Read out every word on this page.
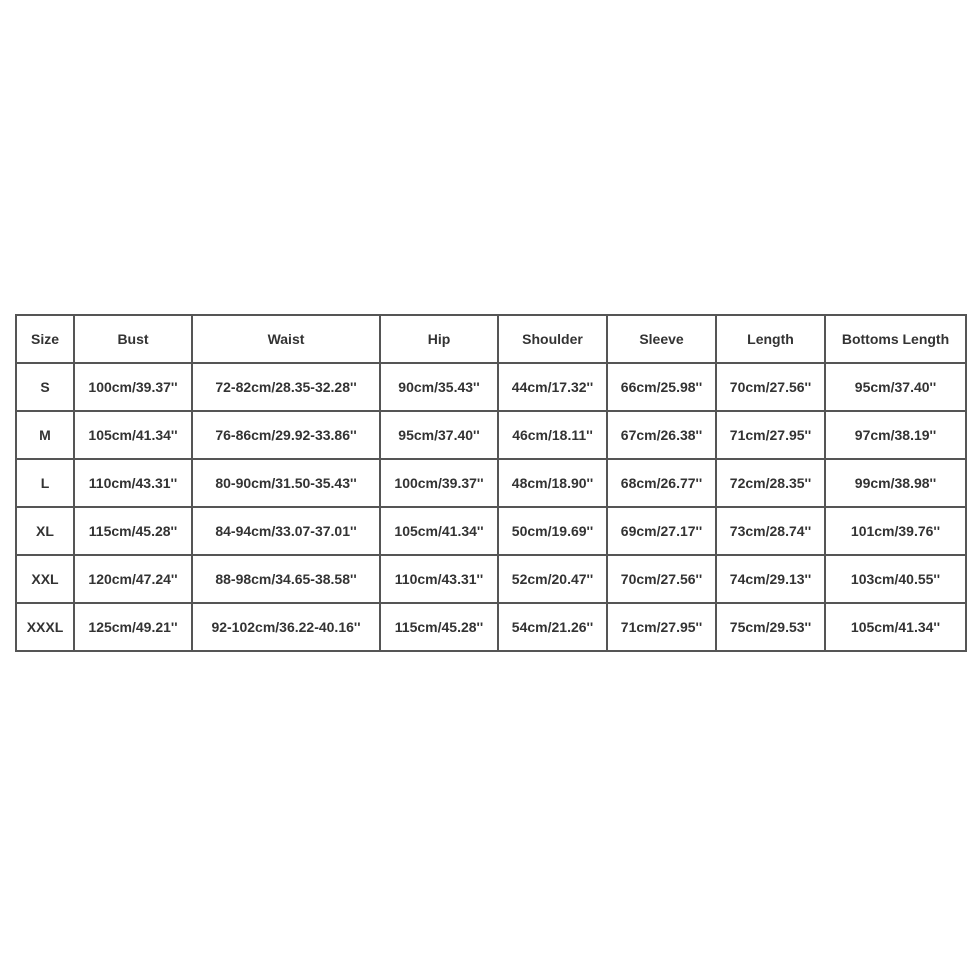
Size	Bust	Waist	Hip	Shoulder	Sleeve	Length	Bottoms Length
S	100cm/39.37''	72-82cm/28.35-32.28''	90cm/35.43''	44cm/17.32''	66cm/25.98''	70cm/27.56''	95cm/37.40''
M	105cm/41.34''	76-86cm/29.92-33.86''	95cm/37.40''	46cm/18.11''	67cm/26.38''	71cm/27.95''	97cm/38.19''
L	110cm/43.31''	80-90cm/31.50-35.43''	100cm/39.37''	48cm/18.90''	68cm/26.77''	72cm/28.35''	99cm/38.98''
XL	115cm/45.28''	84-94cm/33.07-37.01''	105cm/41.34''	50cm/19.69''	69cm/27.17''	73cm/28.74''	101cm/39.76''
XXL	120cm/47.24''	88-98cm/34.65-38.58''	110cm/43.31''	52cm/20.47''	70cm/27.56''	74cm/29.13''	103cm/40.55''
XXXL	125cm/49.21''	92-102cm/36.22-40.16''	115cm/45.28''	54cm/21.26''	71cm/27.95''	75cm/29.53''	105cm/41.34''
